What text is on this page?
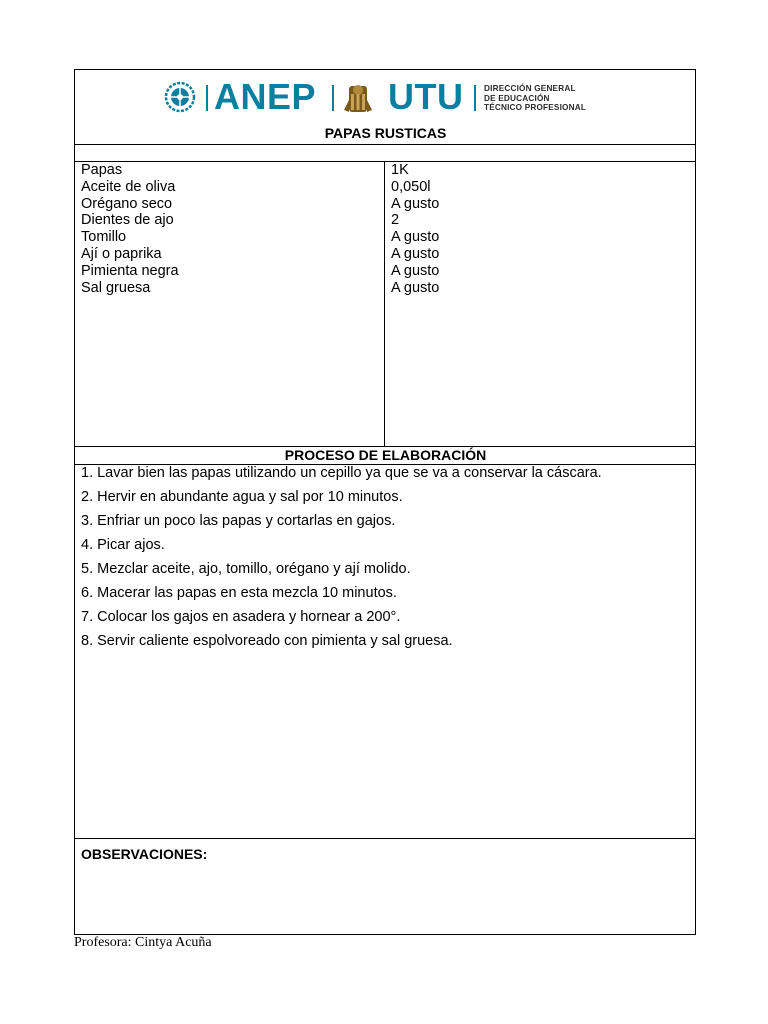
ANEP UTU	DIRECCIÓN GENERAL
DE EDUCACIÓN
TÉCNICO PROFESIONAL
PAPAS RUSTICAS
Papas
Aceite de oliva
Orégano seco
Dientes de ajo
Tomillo
Ají o paprika
Pimienta negra
Sal gruesa
1K
0,050l
A gusto
2
A gusto
A gusto
A gusto
A gusto
PROCESO DE ELABORACIÓN
1. Lavar bien las papas utilizando un cepillo ya que se va a conservar la cáscara.
2. Hervir en abundante agua y sal por 10 minutos.
3. Enfriar un poco las papas y cortarlas en gajos.
4. Picar ajos.
5. Mezclar aceite, ajo, tomillo, orégano y ají molido.
6. Macerar las papas en esta mezcla 10 minutos.
7. Colocar los gajos en asadera y hornear a 200°.
8. Servir caliente espolvoreado con pimienta y sal gruesa.
OBSERVACIONES:
Profesora: Cintya Acuña
